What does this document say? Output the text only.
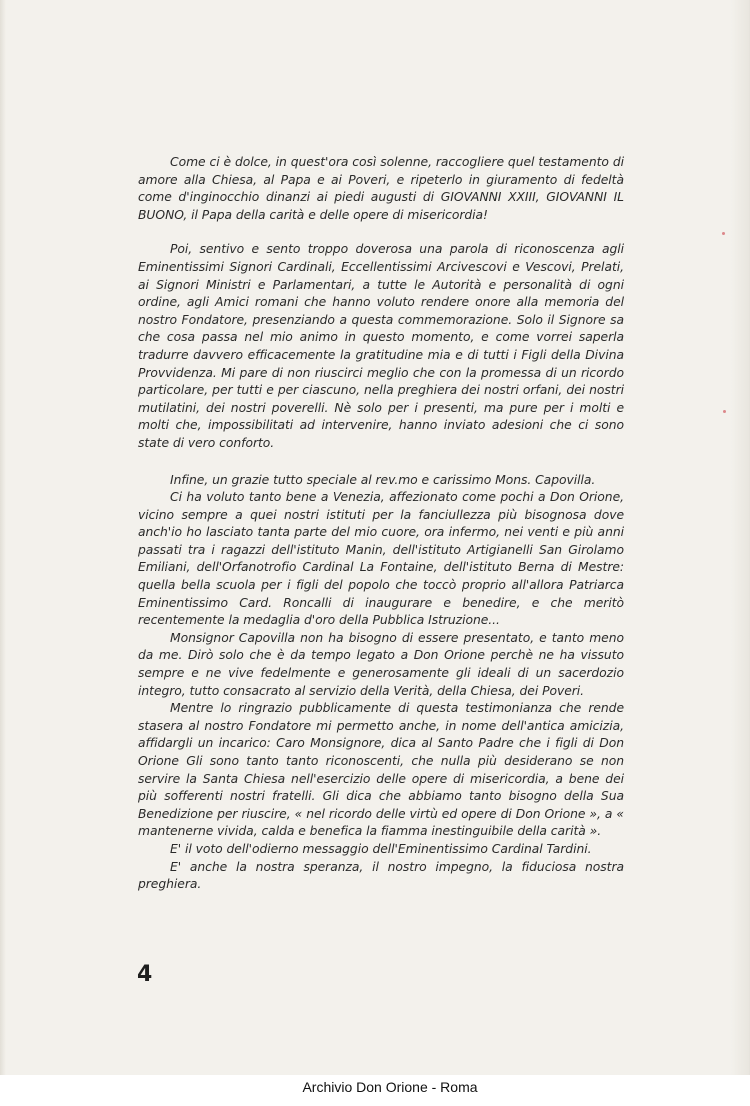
Come ci è dolce, in quest'ora così solenne, raccogliere quel testamento di amore alla Chiesa, al Papa e ai Poveri, e ripeterlo in giuramento di fedeltà come d'inginocchio dinanzi ai piedi augusti di GIOVANNI XXIII, GIOVANNI IL BUONO, il Papa della carità e delle opere di misericordia!

Poi, sentivo e sento troppo doverosa una parola di riconoscenza agli Eminentissimi Signori Cardinali, Eccellentissimi Arcivescovi e Vescovi, Prelati, ai Signori Ministri e Parlamentari, a tutte le Autorità e personalità di ogni ordine, agli Amici romani che hanno voluto rendere onore alla memoria del nostro Fondatore, presenziando a questa commemorazione. Solo il Signore sa che cosa passa nel mio animo in questo momento, e come vorrei saperla tradurre davvero efficacemente la gratitudine mia e di tutti i Figli della Divina Provvidenza. Mi pare di non riuscirci meglio che con la promessa di un ricordo particolare, per tutti e per ciascuno, nella preghiera dei nostri orfani, dei nostri mutilatini, dei nostri poverelli. Nè solo per i presenti, ma pure per i molti e molti che, impossibilitati ad intervenire, hanno inviato adesioni che ci sono state di vero conforto.

Infine, un grazie tutto speciale al rev.mo e carissimo Mons. Capovilla.

Ci ha voluto tanto bene a Venezia, affezionato come pochi a Don Orione, vicino sempre a quei nostri istituti per la fanciullezza più bisognosa dove anch'io ho lasciato tanta parte del mio cuore, ora infermo, nei venti e più anni passati tra i ragazzi dell'istituto Manin, dell'istituto Artigianelli San Girolamo Emiliani, dell'Orfanotrofio Cardinal La Fontaine, dell'istituto Berna di Mestre: quella bella scuola per i figli del popolo che toccò proprio all'allora Patriarca Eminentissimo Card. Roncalli di inaugurare e benedire, e che meritò recentemente la medaglia d'oro della Pubblica Istruzione...

Monsignor Capovilla non ha bisogno di essere presentato, e tanto meno da me. Dirò solo che è da tempo legato a Don Orione perchè ne ha vissuto sempre e ne vive fedelmente e generosamente gli ideali di un sacerdozio integro, tutto consacrato al servizio della Verità, della Chiesa, dei Poveri.

Mentre lo ringrazio pubblicamente di questa testimonianza che rende stasera al nostro Fondatore mi permetto anche, in nome dell'antica amicizia, affidargli un incarico: Caro Monsignore, dica al Santo Padre che i figli di Don Orione Gli sono tanto tanto riconoscenti, che nulla più desiderano se non servire la Santa Chiesa nell'esercizio delle opere di misericordia, a bene dei più sofferenti nostri fratelli. Gli dica che abbiamo tanto bisogno della Sua Benedizione per riuscire, « nel ricordo delle virtù ed opere di Don Orione », a « mantenerne vivida, calda e benefica la fiamma inestinguibile della carità ».

E' il voto dell'odierno messaggio dell'Eminentissimo Cardinal Tardini.

E' anche la nostra speranza, il nostro impegno, la fiduciosa nostra preghiera.

4
Archivio Don Orione - Roma
